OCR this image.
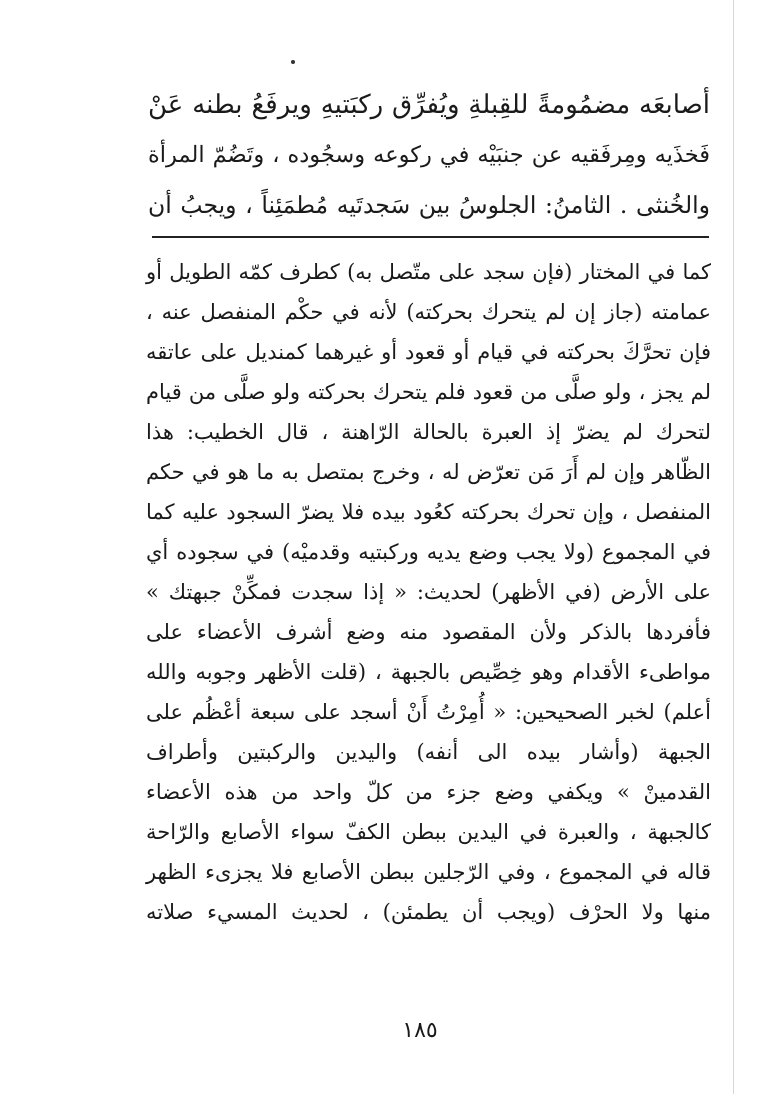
أصابعَه مضمُومةً للقِبلةِ ويُفرِّق ركبَتيهِ ويرفَعُ بطنه عَنْ
فَخذَيه ومِرفَقيه عن جنبَيْه في ركوعه وسجُوده ، وتَضُمّ المرأة
والخُنثى . الثامنُ: الجلوسُ بين سَجدتَيه مُطمَئِناً ، ويجبُ أن
كما في المختار (فإن سجد على متّصل به) كطرف كمّه الطويل أو
عمامته (جاز إن لم يتحرك بحركته) لأنه في حكْم المنفصل عنه ،
فإن تحرَّكَ بحركته في قيام أو قعود أو غيرهما كمنديل على عاتقه
لم يجز ، ولو صلَّى من قعود فلم يتحرك بحركته ولو صلَّى من قيام
لتحرك لم يضرّ إذ العبرة بالحالة الرّاهنة ، قال الخطيب: هذا
الظّاهر وإن لم أَرَ مَن تعرّض له ، وخرج بمتصل به ما هو في حكم
المنفصل ، وإن تحرك بحركته كعُود بيده فلا يضرّ السجود عليه كما
في المجموع (ولا يجب وضع يديه وركبتيه وقدميْه) في سجوده أي
على الأرض (في الأظهر) لحديث: « إذا سجدت فمكِّنْ جبهتك »
فأفردها بالذكر ولأن المقصود منه وضع أشرف الأعضاء على
مواطىء الأقدام وهو خِصِّيص بالجبهة ، (قلت الأظهر وجوبه والله
أعلم) لخبر الصحيحين: « أُمِرْتُ أَنْ أسجد على سبعة أعْظُم على
الجبهة (وأشار بيده الى أنفه) واليدين والركبتين وأطراف
القدمينْ » ويكفي وضع جزء من كلّ واحد من هذه الأعضاء
كالجبهة ، والعبرة في اليدين ببطن الكفّ سواء الأصابع والرّاحة
قاله في المجموع ، وفي الرّجلين ببطن الأصابع فلا يجزىء الظهر
منها ولا الحرْف (ويجب أن يطمئن) ، لحديث المسيء صلاته
١٨٥
